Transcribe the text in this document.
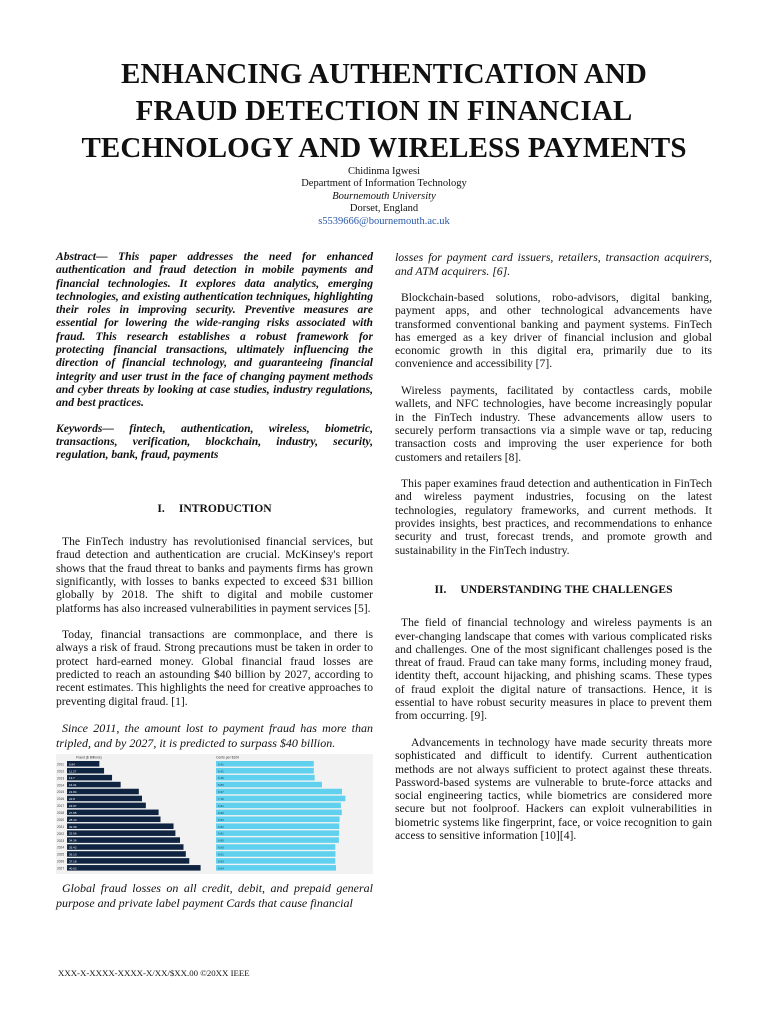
ENHANCING AUTHENTICATION AND
FRAUD DETECTION IN FINANCIAL
TECHNOLOGY AND WIRELESS PAYMENTS
Chidinma Igwesi
Department of Information Technology
Bournemouth University
Dorset, England
s5539666@bournemouth.ac.uk

Abstract— This paper addresses the need for enhanced authentication and fraud detection in mobile payments and financial technologies. It explores data analytics, emerging technologies, and existing authentication techniques, highlighting their roles in improving security. Preventive measures are essential for lowering the wide-ranging risks associated with fraud. This research establishes a robust framework for protecting financial transactions, ultimately influencing the direction of financial technology, and guaranteeing financial integrity and user trust in the face of changing payment methods and cyber threats by looking at case studies, industry regulations, and best practices.

Keywords— fintech, authentication, wireless, biometric, transactions, verification, blockchain, industry, security, regulation, bank, fraud, payments

I. INTRODUCTION

The FinTech industry has revolutionised financial services, but fraud detection and authentication are crucial. McKinsey's report shows that the fraud threat to banks and payments firms has grown significantly, with losses to banks expected to exceed $31 billion globally by 2018. The shift to digital and mobile customer platforms has also increased vulnerabilities in payment services [5].

Today, financial transactions are commonplace, and there is always a risk of fraud. Strong precautions must be taken in order to protect hard-earned money. Global financial fraud losses are predicted to reach an astounding $40 billion by 2027, according to recent estimates. This highlights the need for creative approaches to preventing digital fraud. [1].

Since 2011, the amount lost to payment fraud has more than tripled, and by 2027, it is predicted to surpass $40 billion.

2011 9.84
2012 11.27
2013 13.7
2014 16.31
2015 21.84
2016 22.8
2017 23.97
2018 27.85
2020 28.43
2021 32.39
2022 32.96
2023 34.36
2024 35.42
2025 36.13
2026 37.18
2027 40.62
5.41
5.41
5.46
5.86
6.97
7.16
6.91
6.96
6.84
6.82
6.81
6.80
6.60
6.61
6.60
6.64
Fraud ($ Billions)	Cents per $100

Global fraud losses on all credit, debit, and prepaid general purpose and private label payment Cards that cause financial

losses for payment card issuers, retailers, transaction acquirers, and ATM acquirers. [6].

Blockchain-based solutions, robo-advisors, digital banking, payment apps, and other technological advancements have transformed conventional banking and payment systems. FinTech has emerged as a key driver of financial inclusion and global economic growth in this digital era, primarily due to its convenience and accessibility [7].

Wireless payments, facilitated by contactless cards, mobile wallets, and NFC technologies, have become increasingly popular in the FinTech industry. These advancements allow users to securely perform transactions via a simple wave or tap, reducing transaction costs and improving the user experience for both customers and retailers [8].

This paper examines fraud detection and authentication in FinTech and wireless payment industries, focusing on the latest technologies, regulatory frameworks, and current methods. It provides insights, best practices, and recommendations to enhance security and trust, forecast trends, and promote growth and sustainability in the FinTech industry.

II. UNDERSTANDING THE CHALLENGES

The field of financial technology and wireless payments is an ever-changing landscape that comes with various complicated risks and challenges. One of the most significant challenges posed is the threat of fraud. Fraud can take many forms, including money fraud, identity theft, account hijacking, and phishing scams. These types of fraud exploit the digital nature of transactions. Hence, it is essential to have robust security measures in place to prevent them from occurring. [9].

Advancements in technology have made security threats more sophisticated and difficult to identify. Current authentication methods are not always sufficient to protect against these threats. Password-based systems are vulnerable to brute-force attacks and social engineering tactics, while biometrics are considered more secure but not foolproof. Hackers can exploit vulnerabilities in biometric systems like fingerprint, face, or voice recognition to gain access to sensitive information [10][4].

XXX-X-XXXX-XXXX-X/XX/$XX.00 ©20XX IEEE
